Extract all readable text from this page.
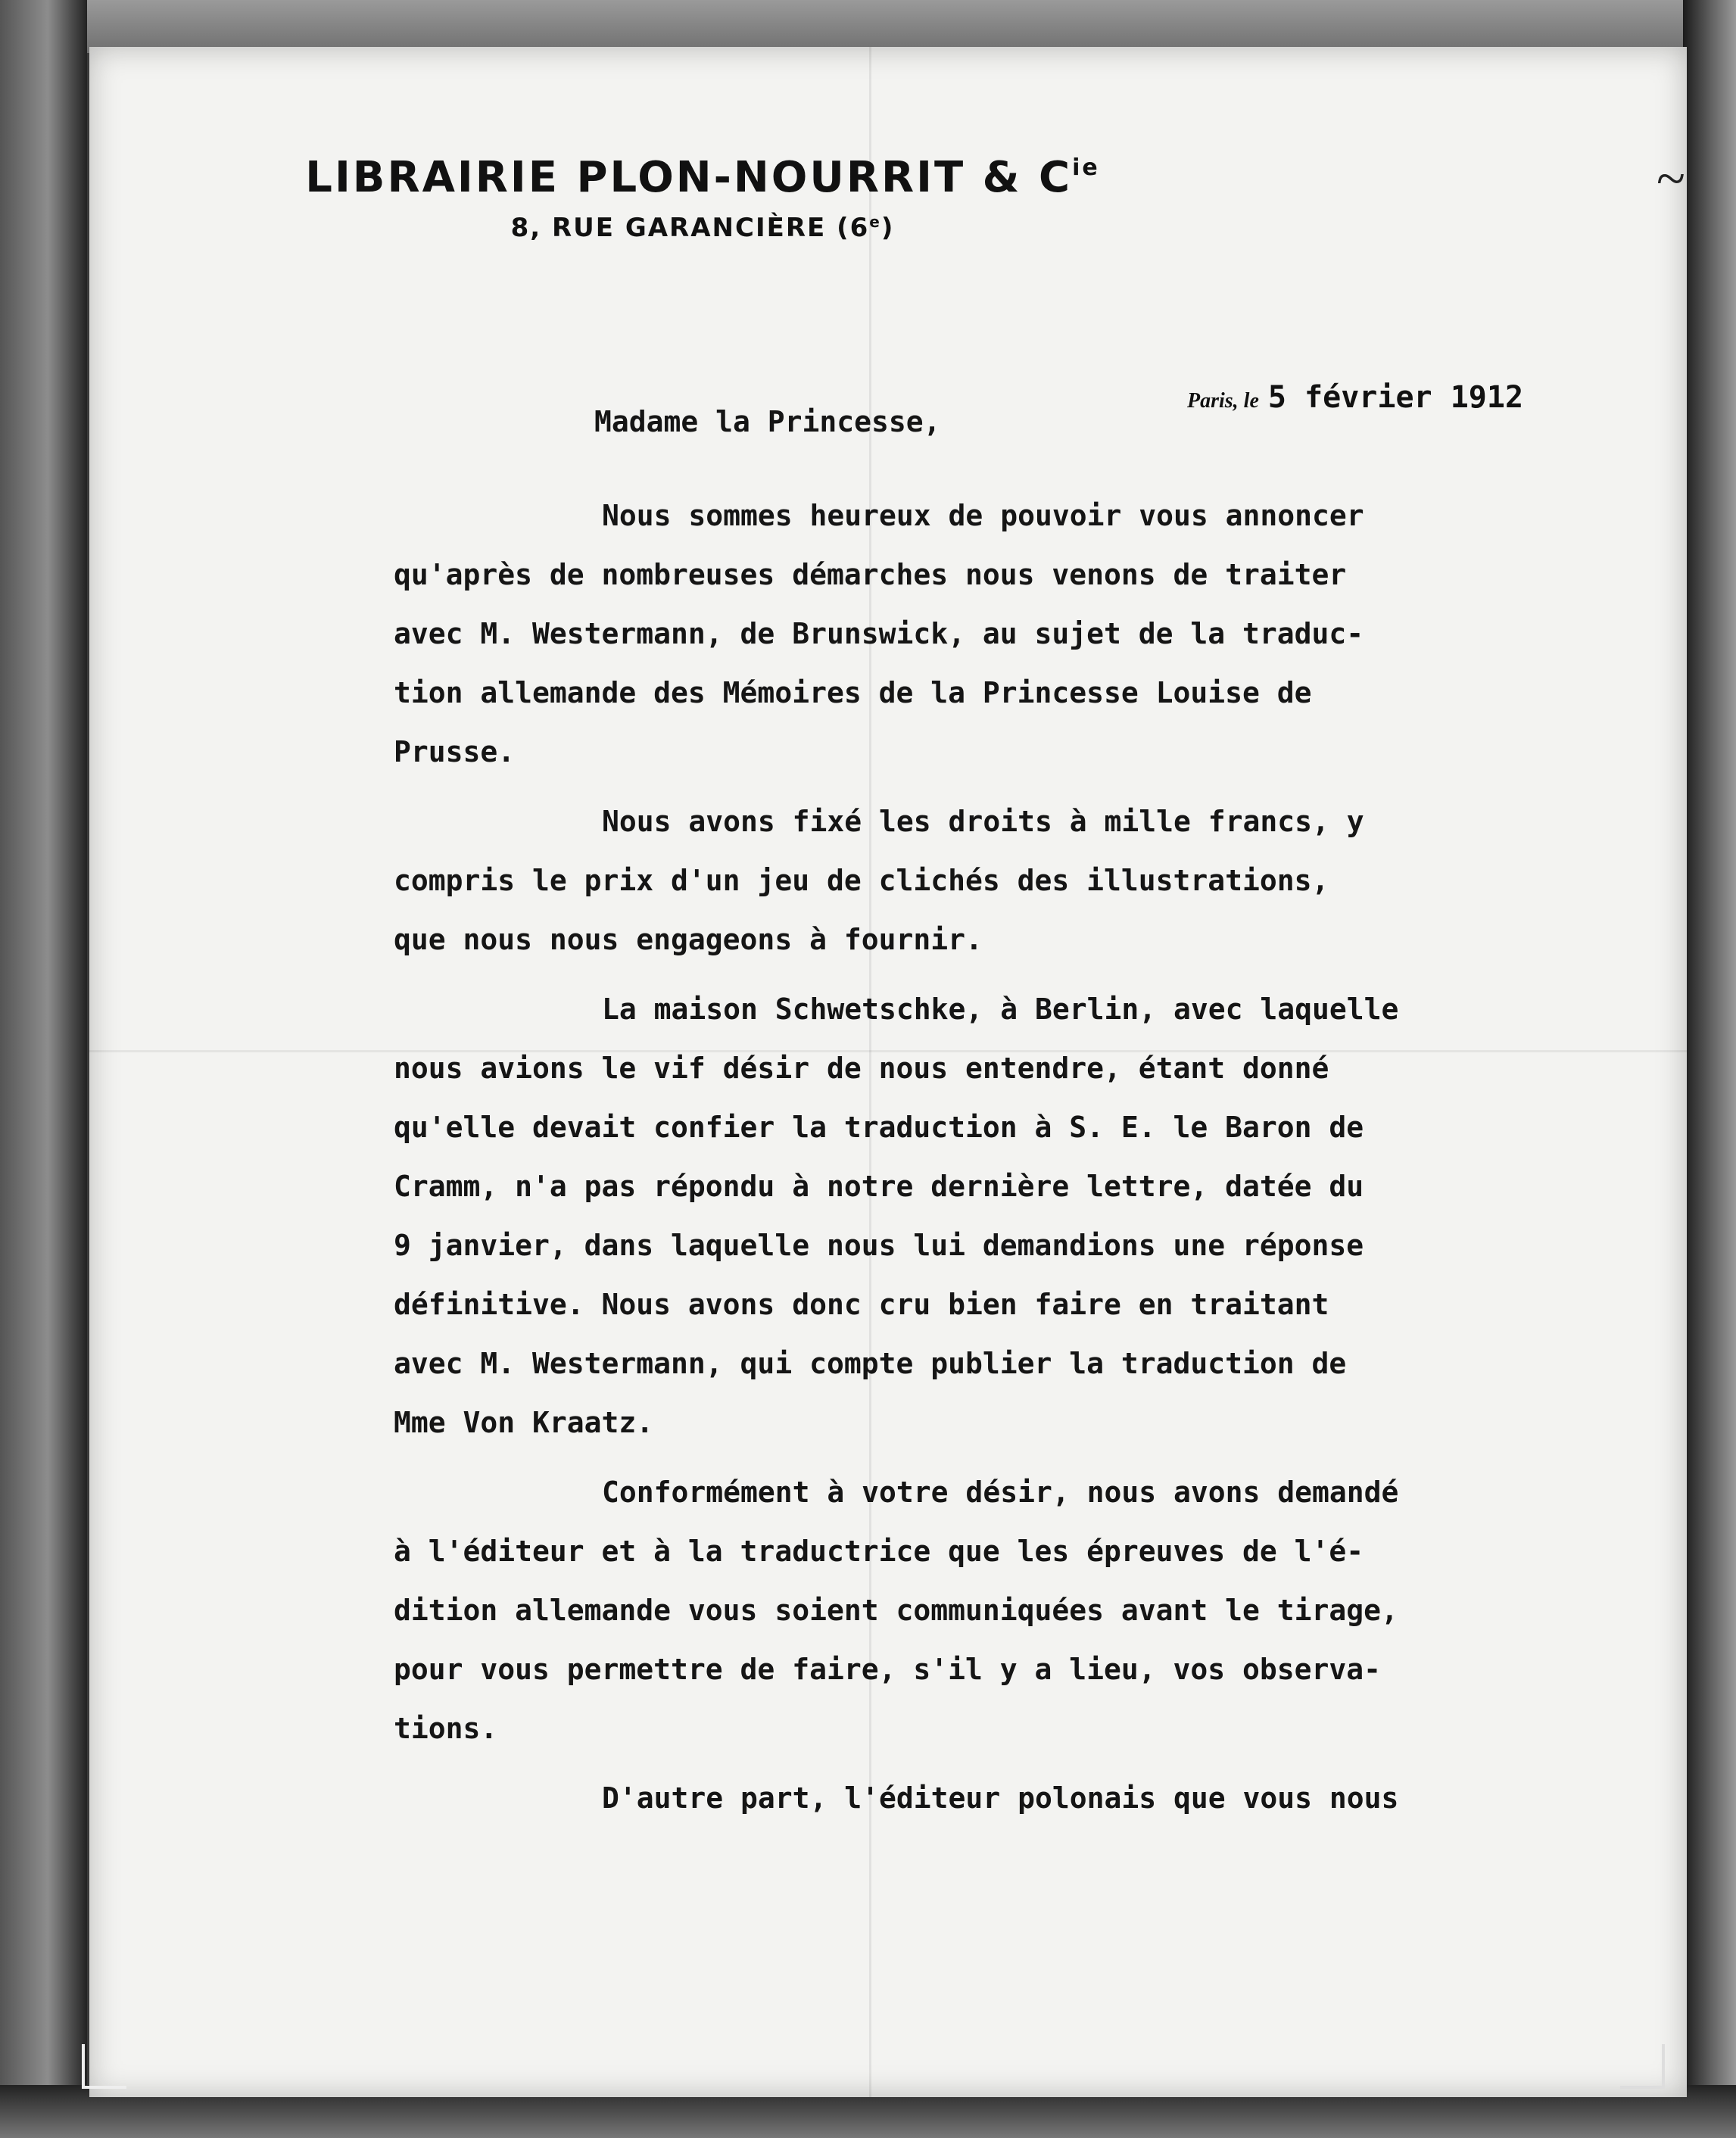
~
LIBRAIRIE PLON-NOURRIT & $C^{ie}$
8, RUE GARANCIÈRE (6e)
Paris, le 5 février 1912
Madame la Princesse,
Nous sommes heureux de pouvoir vous annoncer
qu'après de nombreuses démarches nous venons de traiter
avec M. Westermann, de Brunswick, au sujet de la traduc-
tion allemande des Mémoires de la Princesse Louise de
Prusse.
Nous avons fixé les droits à mille francs, y
compris le prix d'un jeu de clichés des illustrations,
que nous nous engageons à fournir.
La maison Schwetschke, à Berlin, avec laquelle
nous avions le vif désir de nous entendre, étant donné
qu'elle devait confier la traduction à S. E. le Baron de
Cramm, n'a pas répondu à notre dernière lettre, datée du
9 janvier, dans laquelle nous lui demandions une réponse
définitive. Nous avons donc cru bien faire en traitant
avec M. Westermann, qui compte publier la traduction de
Mme Von Kraatz.
Conformément à votre désir, nous avons demandé
à l'éditeur et à la traductrice que les épreuves de l'é-
dition allemande vous soient communiquées avant le tirage,
pour vous permettre de faire, s'il y a lieu, vos observa-
tions.
D'autre part, l'éditeur polonais que vous nous
